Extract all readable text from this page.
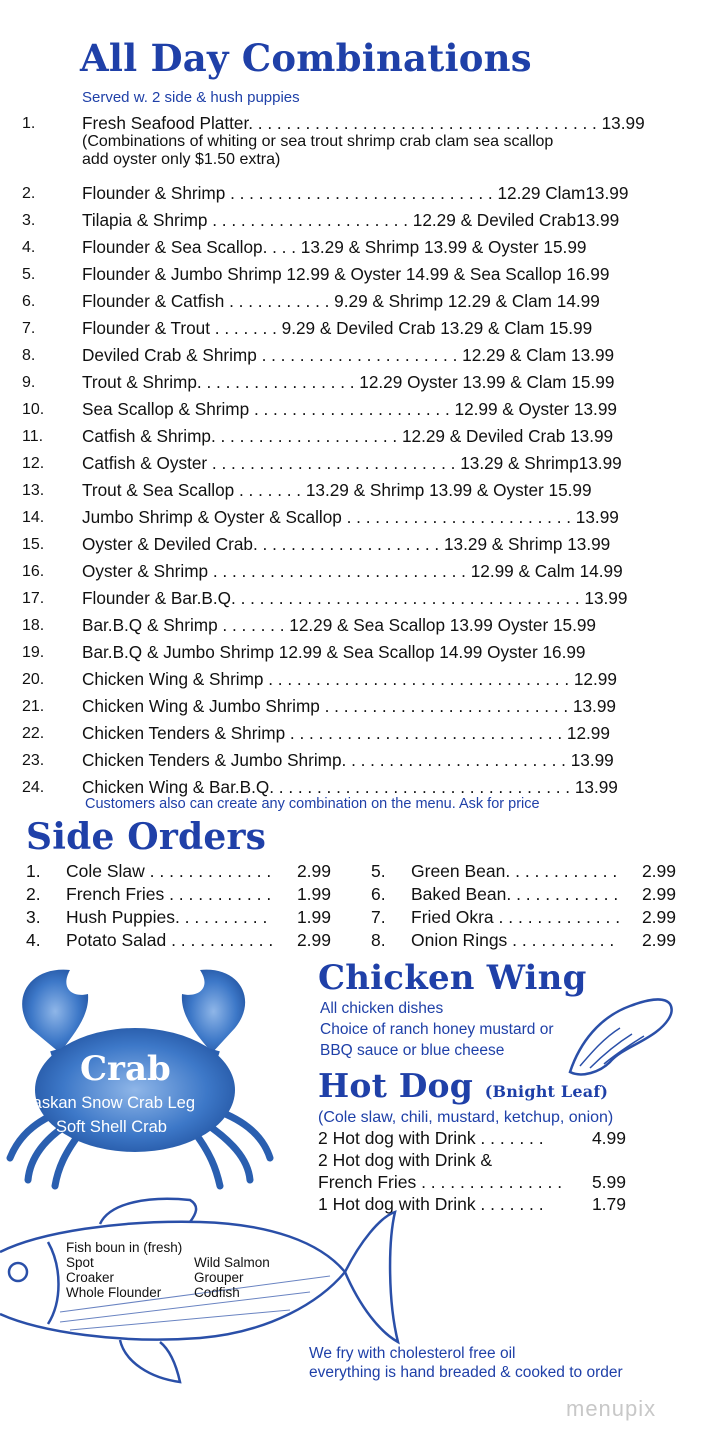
All Day Combinations
Served w. 2 side & hush puppies
1.	Fresh Seafood Platter. . . . . . . . . . . . . . . . . . . . . . . . . . . . . . . . . . . . . 13.99
(Combinations of whiting or sea trout shrimp crab clam sea scallop
add oyster only $1.50 extra)
2.	Flounder & Shrimp . . . . . . . . . . . . . . . . . . . . . . . . . . . . 12.29 Clam13.99
3.	Tilapia & Shrimp . . . . . . . . . . . . . . . . . . . . . 12.29 & Deviled Crab13.99
4.	Flounder & Sea Scallop. . . . 13.29 & Shrimp 13.99 & Oyster 15.99
5.	Flounder & Jumbo Shrimp 12.99 & Oyster 14.99 & Sea Scallop 16.99
6.	Flounder & Catfish . . . . . . . . . . . 9.29 & Shrimp 12.29 & Clam 14.99
7.	Flounder & Trout . . . . . . . 9.29 & Deviled Crab 13.29 & Clam 15.99
8.	Deviled Crab & Shrimp . . . . . . . . . . . . . . . . . . . . . 12.29 & Clam 13.99
9.	Trout & Shrimp. . . . . . . . . . . . . . . . . 12.29 Oyster 13.99 & Clam 15.99
10.	Sea Scallop & Shrimp . . . . . . . . . . . . . . . . . . . . . 12.99 & Oyster 13.99
11.	Catfish & Shrimp. . . . . . . . . . . . . . . . . . . . 12.29 & Deviled Crab 13.99
12.	Catfish & Oyster . . . . . . . . . . . . . . . . . . . . . . . . . . 13.29 & Shrimp13.99
13.	Trout & Sea Scallop . . . . . . . 13.29 & Shrimp 13.99 & Oyster 15.99
14.	Jumbo Shrimp & Oyster & Scallop . . . . . . . . . . . . . . . . . . . . . . . . 13.99
15.	Oyster & Deviled Crab. . . . . . . . . . . . . . . . . . . . 13.29 & Shrimp 13.99
16.	Oyster & Shrimp . . . . . . . . . . . . . . . . . . . . . . . . . . . 12.99 & Calm 14.99
17.	Flounder & Bar.B.Q. . . . . . . . . . . . . . . . . . . . . . . . . . . . . . . . . . . . . 13.99
18.	Bar.B.Q & Shrimp . . . . . . . 12.29 & Sea Scallop 13.99 Oyster 15.99
19.	Bar.B.Q & Jumbo Shrimp 12.99 & Sea Scallop 14.99 Oyster 16.99
20.	Chicken Wing & Shrimp . . . . . . . . . . . . . . . . . . . . . . . . . . . . . . . . 12.99
21.	Chicken Wing & Jumbo Shrimp . . . . . . . . . . . . . . . . . . . . . . . . . . 13.99
22.	Chicken Tenders & Shrimp . . . . . . . . . . . . . . . . . . . . . . . . . . . . . 12.99
23.	Chicken Tenders & Jumbo Shrimp. . . . . . . . . . . . . . . . . . . . . . . . 13.99
24.	Chicken Wing & Bar.B.Q. . . . . . . . . . . . . . . . . . . . . . . . . . . . . . . . 13.99
Customers also can create any combination on the menu. Ask for price
Side Orders
1.	Cole Slaw . . . . . . . . . . . . .	2.99
2.	French Fries . . . . . . . . . . .	1.99
3.	Hush Puppies. . . . . . . . . .	1.99
4.	Potato Salad . . . . . . . . . . .	2.99
5.	Green Bean. . . . . . . . . . . .	2.99
6.	Baked Bean. . . . . . . . . . . .	2.99
7.	Fried Okra . . . . . . . . . . . . .	2.99
8.	Onion Rings . . . . . . . . . . .	2.99
Crab
Alaskan Snow Crab Leg
Soft Shell Crab
Chicken Wing
All chicken dishes
Choice of ranch honey mustard or
BBQ sauce or blue cheese
Hot Dog (Bnight Leaf)
(Cole slaw, chili, mustard, ketchup, onion)
2 Hot dog with Drink . . . . . . .	4.99
2 Hot dog with Drink &
French Fries . . . . . . . . . . . . . . .	5.99
1 Hot dog with Drink . . . . . . .	1.79
Fish boun in (fresh)
Spot
Croaker
Whole Flounder
Wild Salmon
Grouper
Codfish
We fry with cholesterol free oil
everything is hand breaded & cooked to order
menupix
